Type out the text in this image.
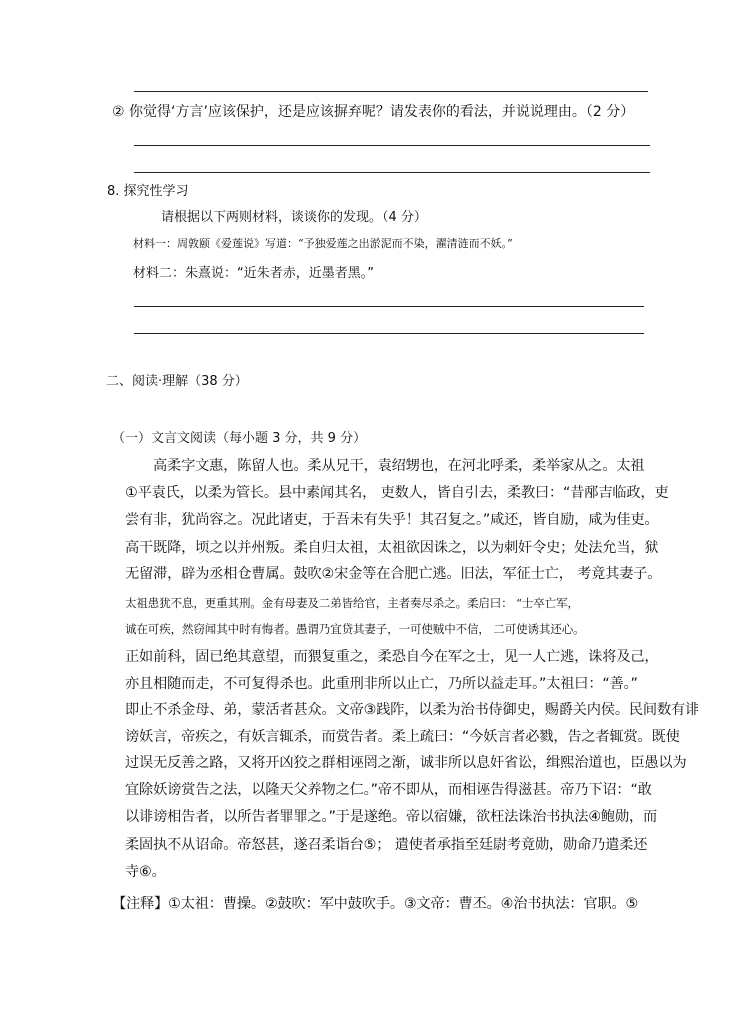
② 你觉得‘方言’应该保护，还是应该摒弃呢？请发表你的看法，并说说理由。（2 分）
8. 探究性学习
请根据以下两则材料，谈谈你的发现。（4 分）
材料一：周敦颐《爱莲说》写道：“予独爱莲之出淤泥而不染，濯清涟而不妖。”
材料二：朱熹说：“近朱者赤，近墨者黑。”
二、阅读·理解（38 分）
（一）文言文阅读（每小题 3 分，共 9 分）
高柔字文惠，陈留人也。柔从兄干，袁绍甥也，在河北呼柔，柔举家从之。太祖
①平袁氏，以柔为管长。县中素闻其名， 吏数人，皆自引去，柔教曰：“昔邴吉临政，吏
尝有非，犹尚容之。况此诸吏，于吾未有失乎！其召复之。”咸还，皆自励，咸为佳吏。
高干既降，顷之以并州叛。柔自归太祖，太祖欲因诛之，以为刺奸令史；处法允当，狱
无留滞，辟为丞相仓曹属。鼓吹②宋金等在合肥亡逃。旧法，军征士亡， 考竟其妻子。
太祖患犹不息，更重其刑。金有母妻及二弟皆给官，主者奏尽杀之。柔启曰： “士卒亡军，
诚在可疾，然窃闻其中时有悔者。愚谓乃宜贷其妻子，一可使贼中不信， 二可使诱其还心。
正如前科，固已绝其意望，而猥复重之，柔恐自今在军之士，见一人亡逃，诛将及己，
亦且相随而走，不可复得杀也。此重刑非所以止亡，乃所以益走耳。”太祖曰：“善。”
即止不杀金母、弟，蒙活者甚众。文帝③践阼，以柔为治书侍御史，赐爵关内侯。民间数有诽
谤妖言，帝疾之，有妖言辄杀，而赏告者。柔上疏曰：“今妖言者必戮，告之者辄赏。既使
过误无反善之路，又将开凶狡之群相诬罔之渐，诚非所以息奸省讼，缉熙治道也，臣愚以为
宜除妖谤赏告之法，以隆天父养物之仁。”帝不即从，而相诬告得滋甚。帝乃下诏：“敢
以诽谤相告者，以所告者罪罪之。”于是遂绝。帝以宿嫌，欲枉法诛治书执法④鲍勋，而
柔固执不从诏命。帝怒甚，遂召柔诣台⑤； 遣使者承指至廷尉考竟勋，勋命乃遣柔还
寺⑥。
【注释】①太祖：曹操。②鼓吹：军中鼓吹手。③文帝：曹丕。④治书执法：官职。⑤
